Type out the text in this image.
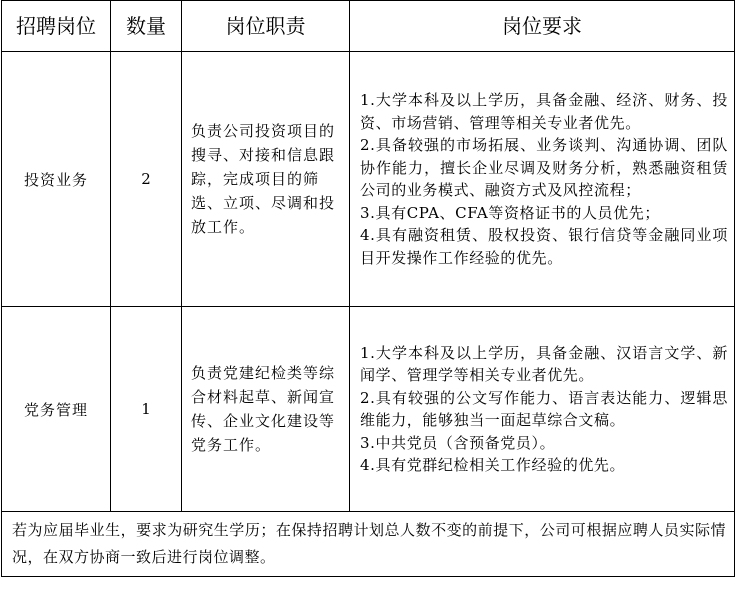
招聘岗位	数量	岗位职责	岗位要求
投资业务	2	负责公司投资项目的搜寻、对接和信息跟踪，完成项目的筛选、立项、尽调和投放工作。	1.大学本科及以上学历，具备金融、经济、财务、投资、市场营销、管理等相关专业者优先。

2.具备较强的市场拓展、业务谈判、沟通协调、团队协作能力，擅长企业尽调及财务分析，熟悉融资租赁公司的业务模式、融资方式及风控流程；

3.具有CPA、CFA等资格证书的人员优先；

4.具有融资租赁、股权投资、银行信贷等金融同业项目开发操作工作经验的优先。

党务管理	1	负责党建纪检类等综合材料起草、新闻宣传、企业文化建设等党务工作。	1.大学本科及以上学历，具备金融、汉语言文学、新闻学、管理学等相关专业者优先。

2.具有较强的公文写作能力、语言表达能力、逻辑思维能力，能够独当一面起草综合文稿。

3.中共党员（含预备党员）。

4.具有党群纪检相关工作经验的优先。

若为应届毕业生，要求为研究生学历；在保持招聘计划总人数不变的前提下，公司可根据应聘人员实际情况，在双方协商一致后进行岗位调整。			
